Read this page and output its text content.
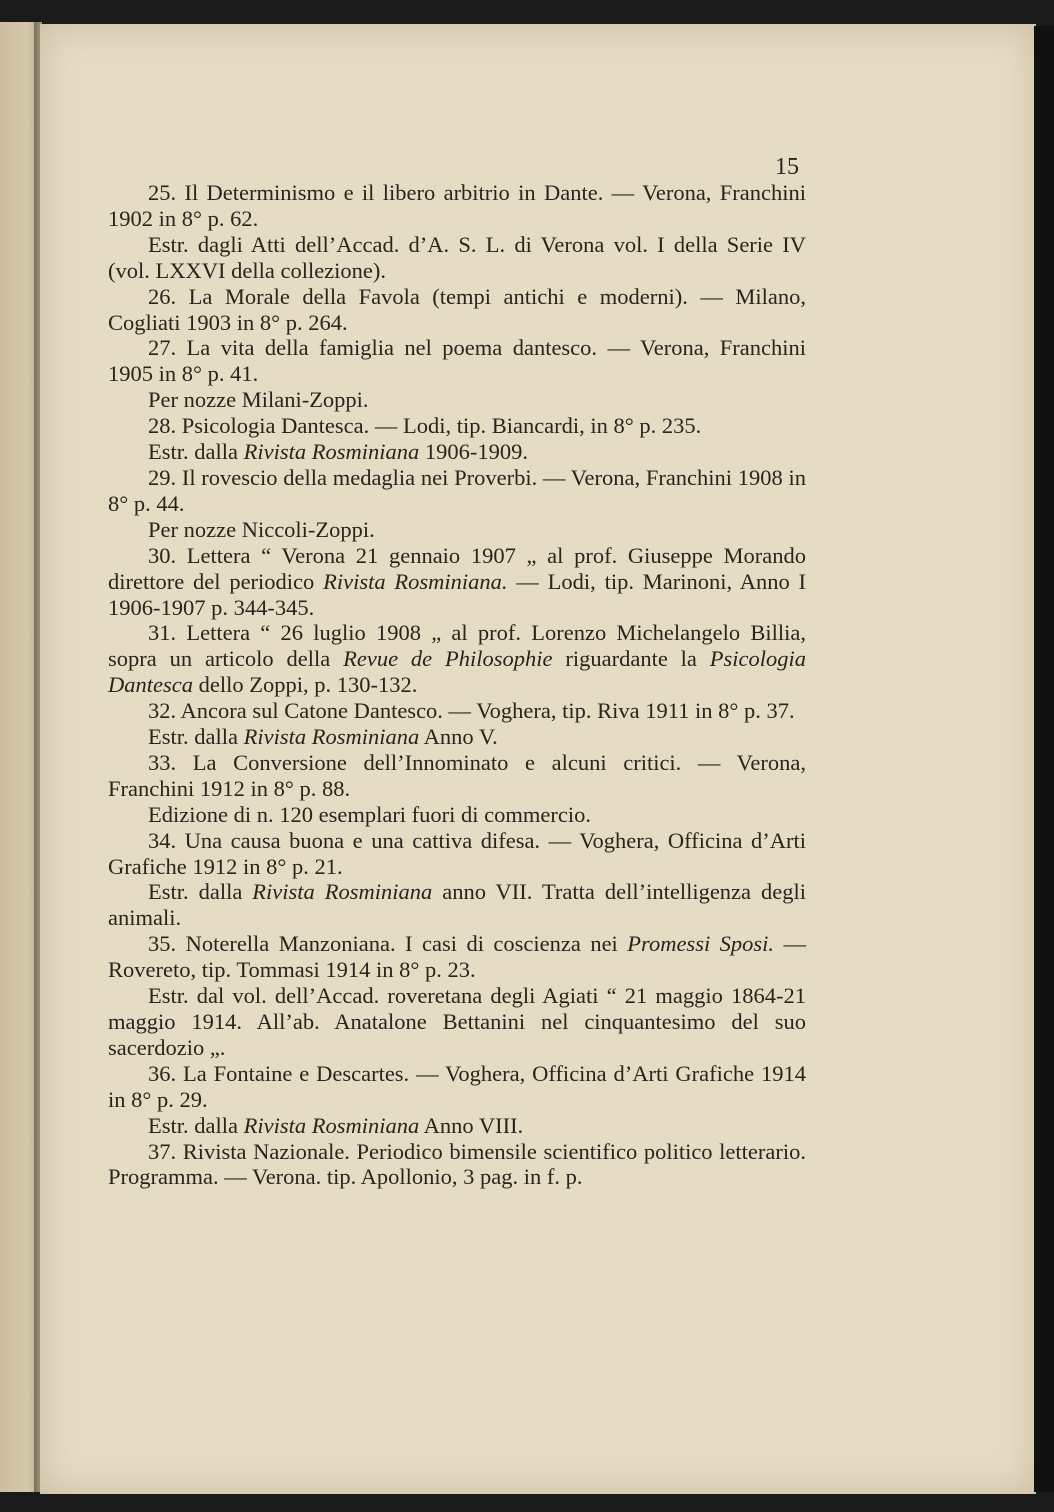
15

25. Il Determinismo e il libero arbitrio in Dante. — Verona, Franchini 1902 in 8° p. 62.

Estr. dagli Atti dell’Accad. d’A. S. L. di Verona vol. I della Serie IV (vol. LXXVI della collezione).

26. La Morale della Favola (tempi antichi e moderni). — Milano, Cogliati 1903 in 8° p. 264.

27. La vita della famiglia nel poema dantesco. — Verona, Franchini 1905 in 8° p. 41.

Per nozze Milani-Zoppi.

28. Psicologia Dantesca. — Lodi, tip. Biancardi, in 8° p. 235.

Estr. dalla Rivista Rosminiana 1906-1909.

29. Il rovescio della medaglia nei Proverbi. — Verona, Franchini 1908 in 8° p. 44.

Per nozze Niccoli-Zoppi.

30. Lettera “ Verona 21 gennaio 1907 „ al prof. Giuseppe Morando direttore del periodico Rivista Rosminiana. — Lodi, tip. Marinoni, Anno I 1906-1907 p. 344-345.

31. Lettera “ 26 luglio 1908 „ al prof. Lorenzo Michelangelo Billia, sopra un articolo della Revue de Philosophie riguardante la Psicologia Dantesca dello Zoppi, p. 130-132.

32. Ancora sul Catone Dantesco. — Voghera, tip. Riva 1911 in 8° p. 37.

Estr. dalla Rivista Rosminiana Anno V.

33. La Conversione dell’Innominato e alcuni critici. — Verona, Franchini 1912 in 8° p. 88.

Edizione di n. 120 esemplari fuori di commercio.

34. Una causa buona e una cattiva difesa. — Voghera, Officina d’Arti Grafiche 1912 in 8° p. 21.

Estr. dalla Rivista Rosminiana anno VII. Tratta dell’intelligenza degli animali.

35. Noterella Manzoniana. I casi di coscienza nei Promessi Sposi. — Rovereto, tip. Tommasi 1914 in 8° p. 23.

Estr. dal vol. dell’Accad. roveretana degli Agiati “ 21 maggio 1864-21 maggio 1914. All’ab. Anatalone Bettanini nel cinquantesimo del suo sacerdozio „.

36. La Fontaine e Descartes. — Voghera, Officina d’Arti Grafiche 1914 in 8° p. 29.

Estr. dalla Rivista Rosminiana Anno VIII.

37. Rivista Nazionale. Periodico bimensile scientifico politico letterario. Programma. — Verona. tip. Apollonio, 3 pag. in f. p.
